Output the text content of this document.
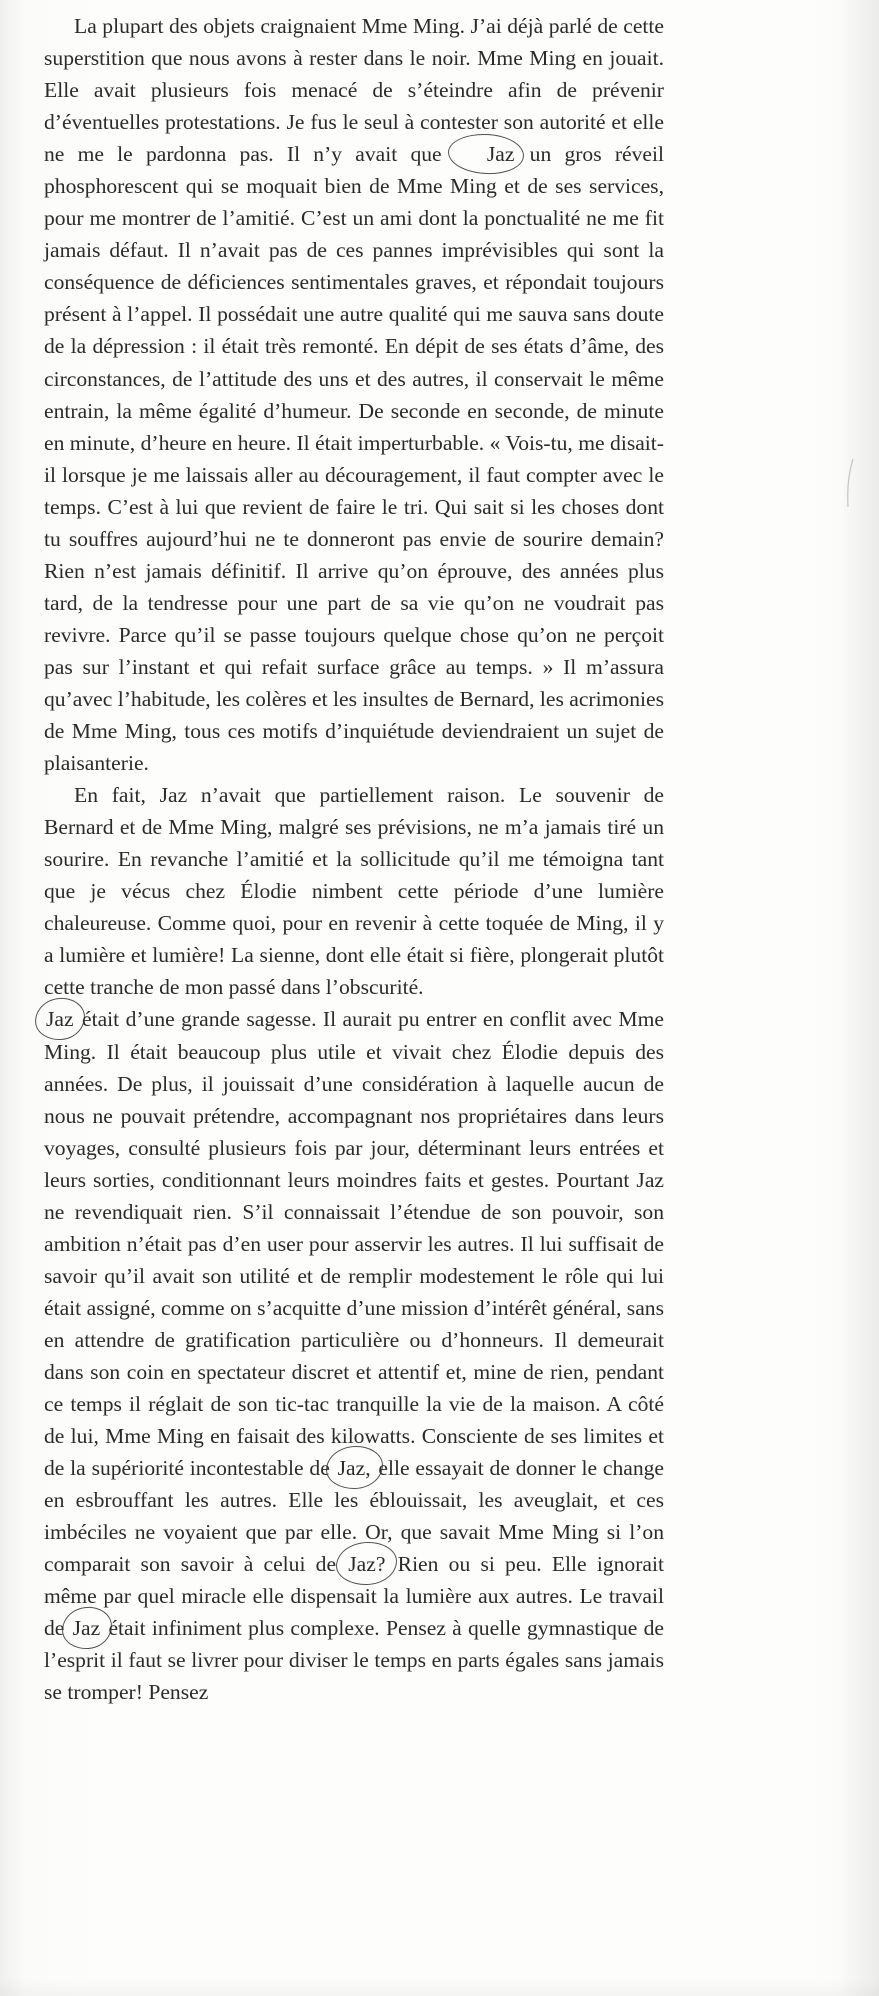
La plupart des objets craignaient Mme Ming. J’ai déjà parlé de cette superstition que nous avons à rester dans le noir. Mme Ming en jouait. Elle avait plusieurs fois menacé de s’éteindre afin de prévenir d’éventuelles protestations. Je fus le seul à contester son autorité et elle ne me le pardonna pas. Il n’y avait que Jaz un gros réveil phosphorescent qui se moquait bien de Mme Ming et de ses services, pour me montrer de l’amitié. C’est un ami dont la ponctualité ne me fit jamais défaut. Il n’avait pas de ces pannes imprévisibles qui sont la conséquence de déficiences sentimentales graves, et répondait toujours présent à l’appel. Il possédait une autre qualité qui me sauva sans doute de la dépression : il était très remonté. En dépit de ses états d’âme, des circonstances, de l’attitude des uns et des autres, il conservait le même entrain, la même égalité d’humeur. De seconde en seconde, de minute en minute, d’heure en heure. Il était imperturbable. « Vois-tu, me disait-il lorsque je me laissais aller au découragement, il faut compter avec le temps. C’est à lui que revient de faire le tri. Qui sait si les choses dont tu souffres aujourd’hui ne te donneront pas envie de sourire demain? Rien n’est jamais définitif. Il arrive qu’on éprouve, des années plus tard, de la tendresse pour une part de sa vie qu’on ne voudrait pas revivre. Parce qu’il se passe toujours quelque chose qu’on ne perçoit pas sur l’instant et qui refait surface grâce au temps. » Il m’assura qu’avec l’habitude, les colères et les insultes de Bernard, les acrimonies de Mme Ming, tous ces motifs d’inquiétude deviendraient un sujet de plaisanterie.

En fait, Jaz n’avait que partiellement raison. Le souvenir de Bernard et de Mme Ming, malgré ses prévisions, ne m’a jamais tiré un sourire. En revanche l’amitié et la sollicitude qu’il me témoigna tant que je vécus chez Élodie nimbent cette période d’une lumière chaleureuse. Comme quoi, pour en revenir à cette toquée de Ming, il y a lumière et lumière! La sienne, dont elle était si fière, plongerait plutôt cette tranche de mon passé dans l’obscurité.

Jaz était d’une grande sagesse. Il aurait pu entrer en conflit avec Mme Ming. Il était beaucoup plus utile et vivait chez Élodie depuis des années. De plus, il jouissait d’une considération à laquelle aucun de nous ne pouvait prétendre, accompagnant nos propriétaires dans leurs voyages, consulté plusieurs fois par jour, déterminant leurs entrées et leurs sorties, conditionnant leurs moindres faits et gestes. Pourtant Jaz ne revendiquait rien. S’il connaissait l’étendue de son pouvoir, son ambition n’était pas d’en user pour asservir les autres. Il lui suffisait de savoir qu’il avait son utilité et de remplir modestement le rôle qui lui était assigné, comme on s’acquitte d’une mission d’intérêt général, sans en attendre de gratification particulière ou d’honneurs. Il demeurait dans son coin en spectateur discret et attentif et, mine de rien, pendant ce temps il réglait de son tic-tac tranquille la vie de la maison. A côté de lui, Mme Ming en faisait des kilowatts. Consciente de ses limites et de la supériorité incontestable de Jaz, elle essayait de donner le change en esbrouffant les autres. Elle les éblouissait, les aveuglait, et ces imbéciles ne voyaient que par elle. Or, que savait Mme Ming si l’on comparait son savoir à celui de Jaz? Rien ou si peu. Elle ignorait même par quel miracle elle dispensait la lumière aux autres. Le travail de Jaz était infiniment plus complexe. Pensez à quelle gymnastique de l’esprit il faut se livrer pour diviser le temps en parts égales sans jamais se tromper! Pensez
